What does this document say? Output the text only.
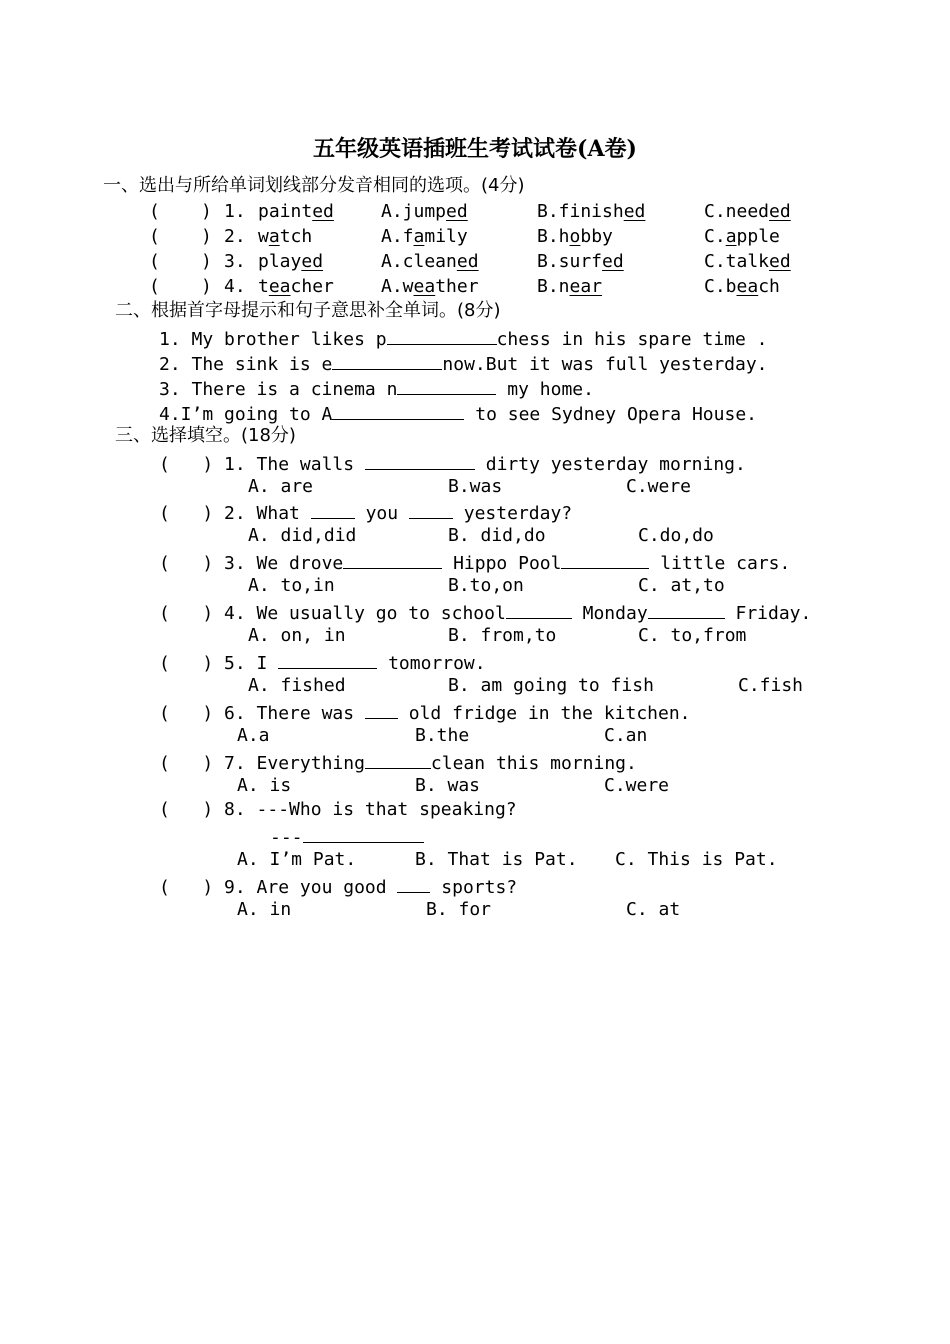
五年级英语插班生考试试卷(A卷)
一、选出与所给单词划线部分发音相同的选项。(4分)
( ) 1. painted	A.jumped	B.finished	C.needed
( ) 2. watch	A.family	B.hobby	C.apple
( ) 3. played	A.cleaned	B.surfed	C.talked
( ) 4. teacher	A.weather	B.near	C.beach
二、根据首字母提示和句子意思补全单词。(8分)
1. My brother likes p	chess in his spare time .
2. The sink is e	now.But it was full yesterday.
3. There is a cinema n	my home.
4.I’m going to A	to see Sydney Opera House.
三、选择填空。(18分)
(   ) 1. The walls	dirty yesterday morning.
A. are	B.was	C.were
(   ) 2. What  you  yesterday?
A. did,did	B. did,do	C.do,do
(   ) 3. We drove	Hippo Pool	little cars.
A. to,in	B.to,on	C. at,to
(   ) 4. We usually go to school	Monday	Friday.
A. on, in	B. from,to	C. to,from
(   ) 5. I	tomorrow.
A. fished	B. am going to fish	C.fish
(   ) 6. There was  old fridge in the kitchen.
A.a	B.the	C.an
(   ) 7. Everything	clean this morning.
A. is	B. was	C.were
(   ) 8. ---Who is that speaking?
---
A. I’m Pat.	B. That is Pat. C. This is Pat.
(   ) 9. Are you good  sports?
A. in	B. for	C. at
